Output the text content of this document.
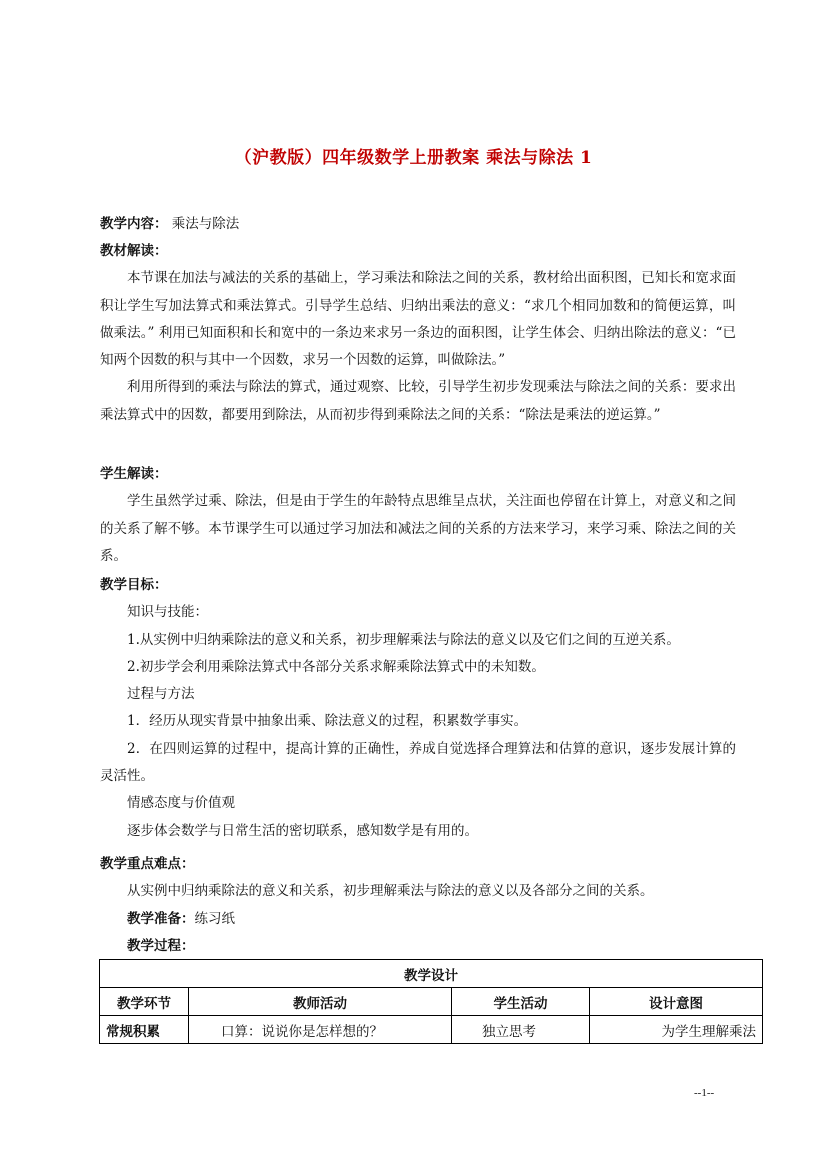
（沪教版）四年级数学上册教案 乘法与除法 1
教学内容： 乘法与除法
教材解读：
本节课在加法与减法的关系的基础上，学习乘法和除法之间的关系，教材给出面积图，已知长和宽求面积让学生写加法算式和乘法算式。引导学生总结、归纳出乘法的意义：“求几个相同加数和的简便运算，叫做乘法。” 利用已知面积和长和宽中的一条边来求另一条边的面积图，让学生体会、归纳出除法的意义：“已知两个因数的积与其中一个因数，求另一个因数的运算，叫做除法。”
利用所得到的乘法与除法的算式，通过观察、比较，引导学生初步发现乘法与除法之间的关系：要求出乘法算式中的因数，都要用到除法，从而初步得到乘除法之间的关系：“除法是乘法的逆运算。”
学生解读：
学生虽然学过乘、除法，但是由于学生的年龄特点思维呈点状，关注面也停留在计算上，对意义和之间的关系了解不够。本节课学生可以通过学习加法和减法之间的关系的方法来学习，来学习乘、除法之间的关系。
教学目标：
知识与技能：
1.从实例中归纳乘除法的意义和关系，初步理解乘法与除法的意义以及它们之间的互逆关系。
2.初步学会利用乘除法算式中各部分关系求解乘除法算式中的未知数。
过程与方法
1．经历从现实背景中抽象出乘、除法意义的过程，积累数学事实。
2．在四则运算的过程中，提高计算的正确性，养成自觉选择合理算法和估算的意识，逐步发展计算的灵活性。
情感态度与价值观
逐步体会数学与日常生活的密切联系，感知数学是有用的。
教学重点难点：
从实例中归纳乘除法的意义和关系，初步理解乘法与除法的意义以及各部分之间的关系。
教学准备：练习纸
教学过程：
教学设计			
教学环节	教师活动	学生活动	设计意图
常规积累	口算：说说你是怎样想的？	独立思考	为学生理解乘法
--1--
